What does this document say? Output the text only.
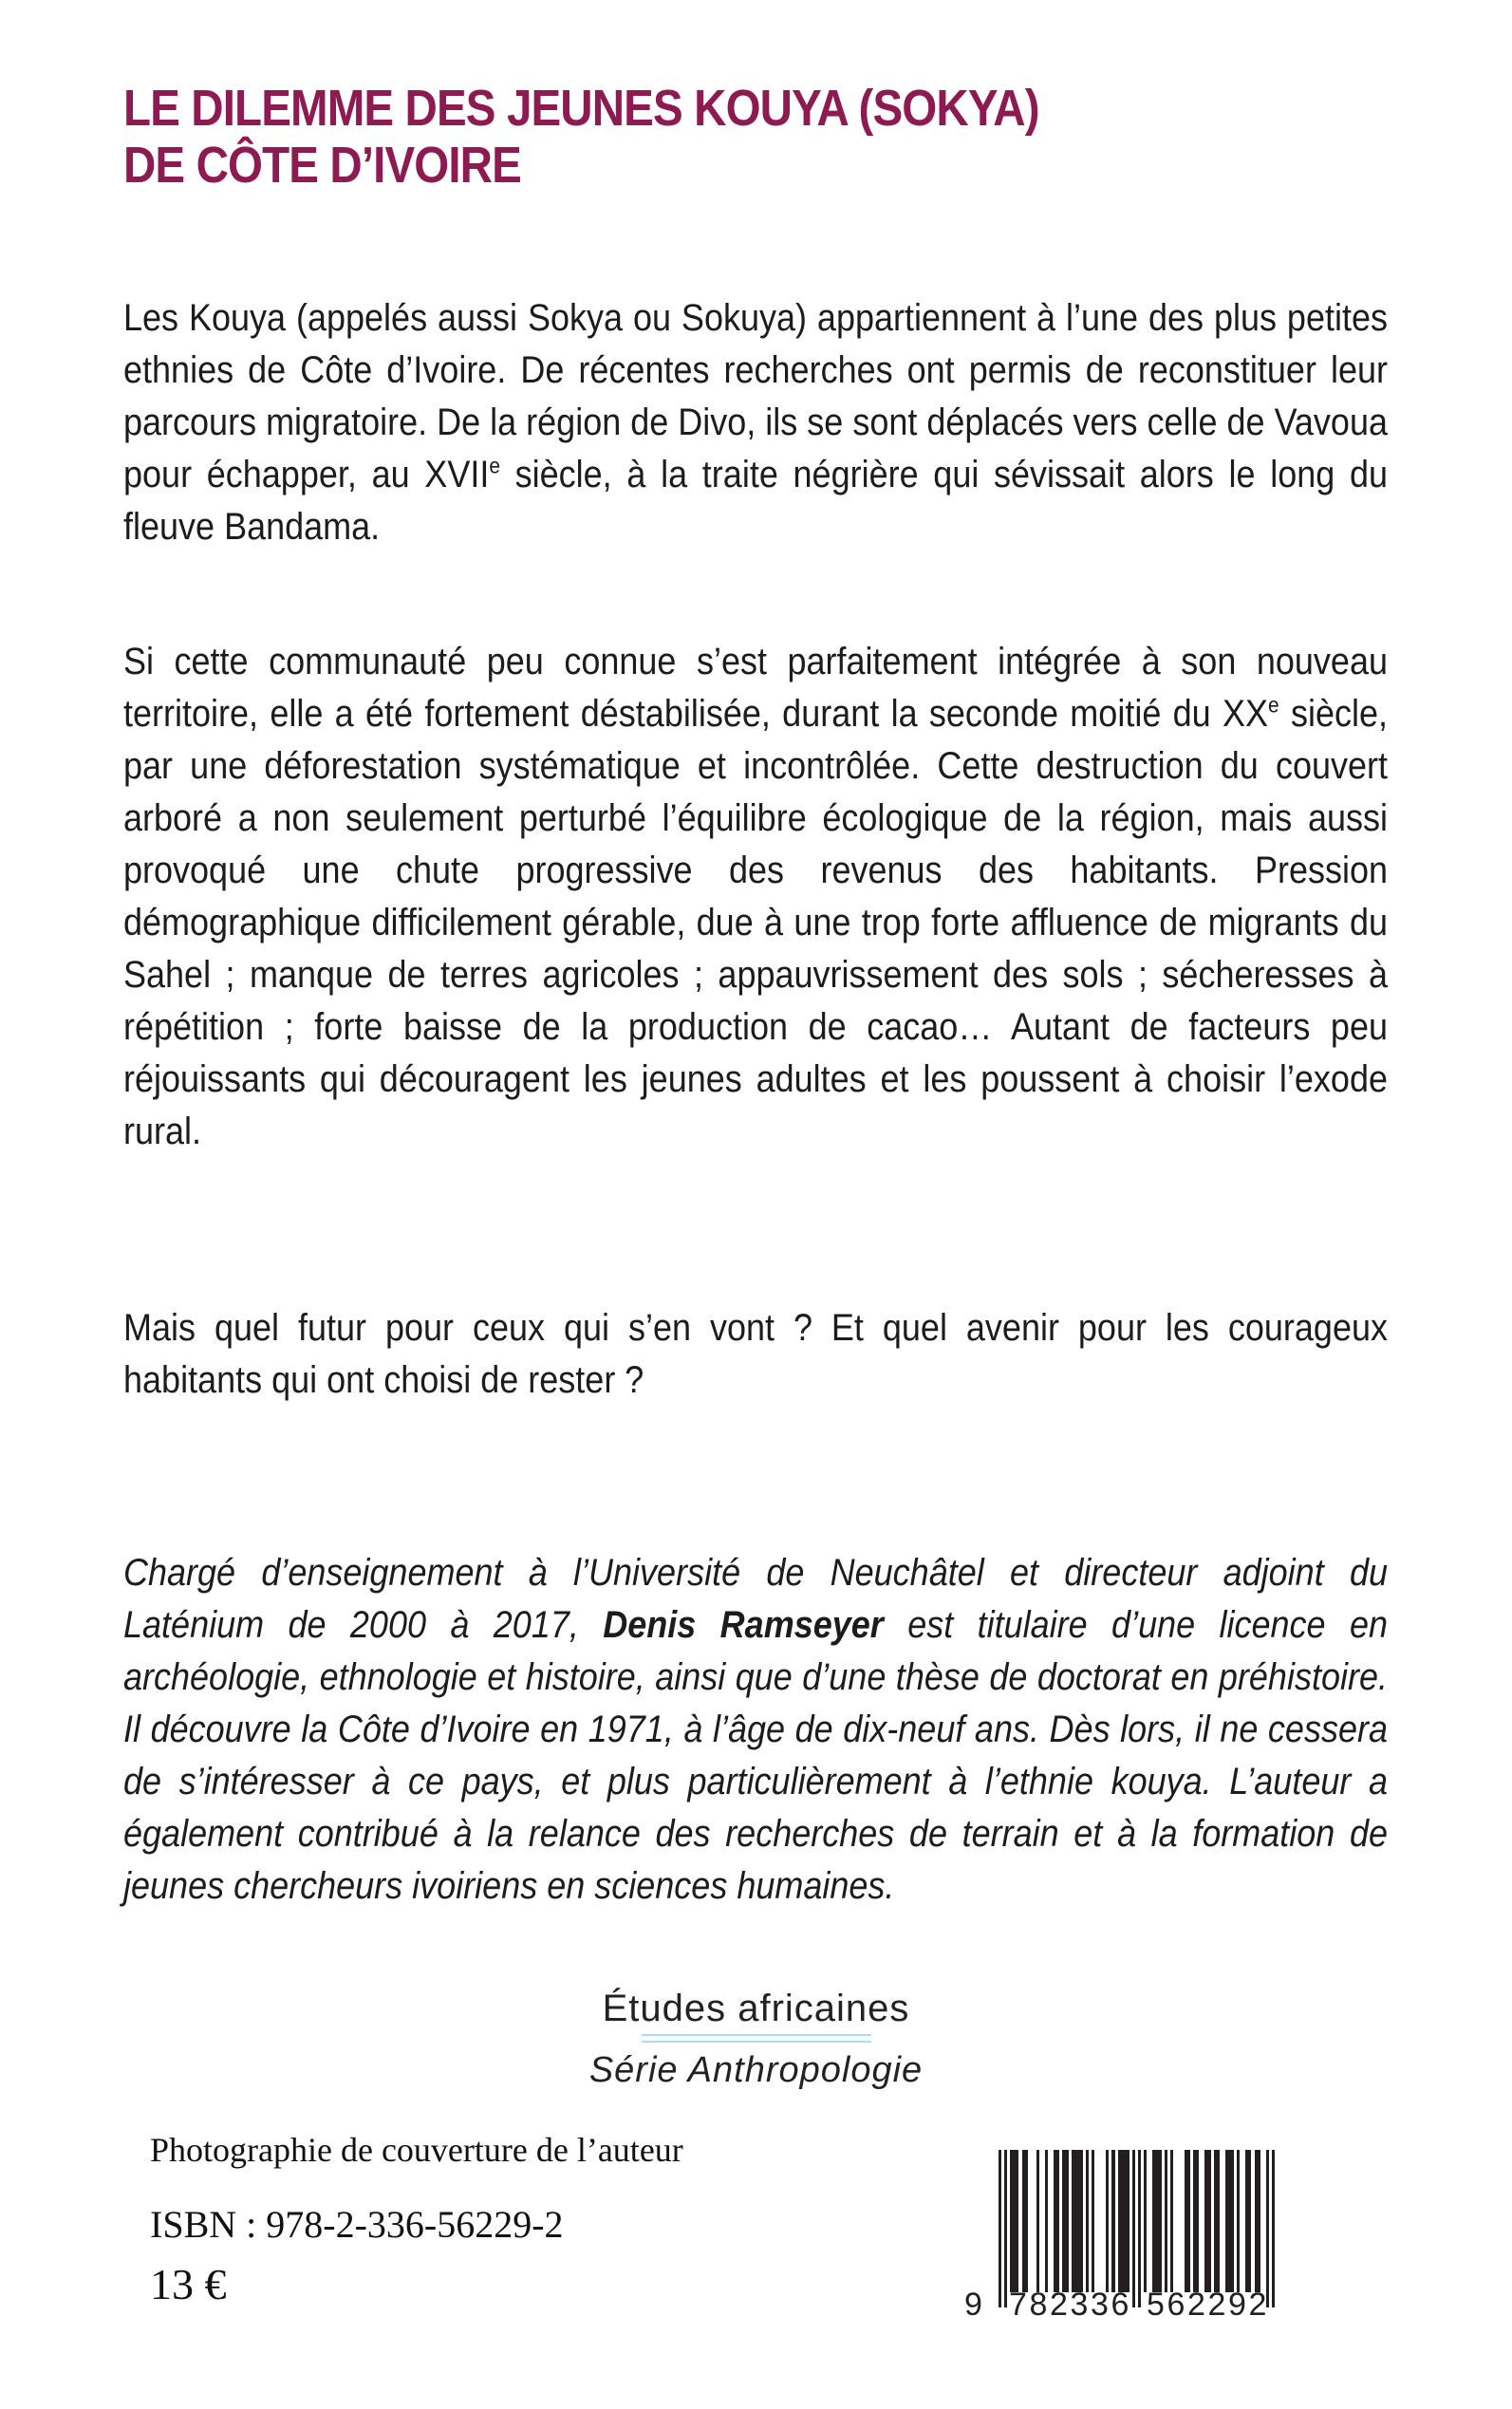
LE DILEMME DES JEUNES KOUYA (SOKYA)
DE CÔTE D’IVOIRE

Les Kouya (appelés aussi Sokya ou Sokuya) appartiennent à l’une des plus petites ethnies de Côte d’Ivoire. De récentes recherches ont permis de reconstituer leur parcours migratoire. De la région de Divo, ils se sont déplacés vers celle de Vavoua pour échapper, au XVIIe siècle, à la traite négrière qui sévissait alors le long du fleuve Bandama.

Si cette communauté peu connue s’est parfaitement intégrée à son nouveau territoire, elle a été fortement déstabilisée, durant la seconde moitié du XXe siècle, par une déforestation systématique et incontrôlée. Cette destruction du couvert arboré a non seulement perturbé l’équilibre écologique de la région, mais aussi provoqué une chute progressive des revenus des habitants. Pression démographique difficilement gérable, due à une trop forte affluence de migrants du Sahel ; manque de terres agricoles ; appauvrissement des sols ; sécheresses à répétition ; forte baisse de la production de cacao… Autant de facteurs peu réjouissants qui découragent les jeunes adultes et les poussent à choisir l’exode rural.

Mais quel futur pour ceux qui s’en vont ? Et quel avenir pour les courageux habitants qui ont choisi de rester ?

Chargé d’enseignement à l’Université de Neuchâtel et directeur adjoint du Laténium de 2000 à 2017, Denis Ramseyer est titulaire d’une licence en archéologie, ethnologie et histoire, ainsi que d’une thèse de doctorat en préhistoire. Il découvre la Côte d’Ivoire en 1971, à l’âge de dix-neuf ans. Dès lors, il ne cessera de s’intéresser à ce pays, et plus particulièrement à l’ethnie kouya. L’auteur a également contribué à la relance des recherches de terrain et à la formation de jeunes chercheurs ivoiriens en sciences humaines.

Études africaines
Série Anthropologie
Photographie de couverture de l’auteur
ISBN : 978-2-336-56229-2
13 €	9 782336 562292
